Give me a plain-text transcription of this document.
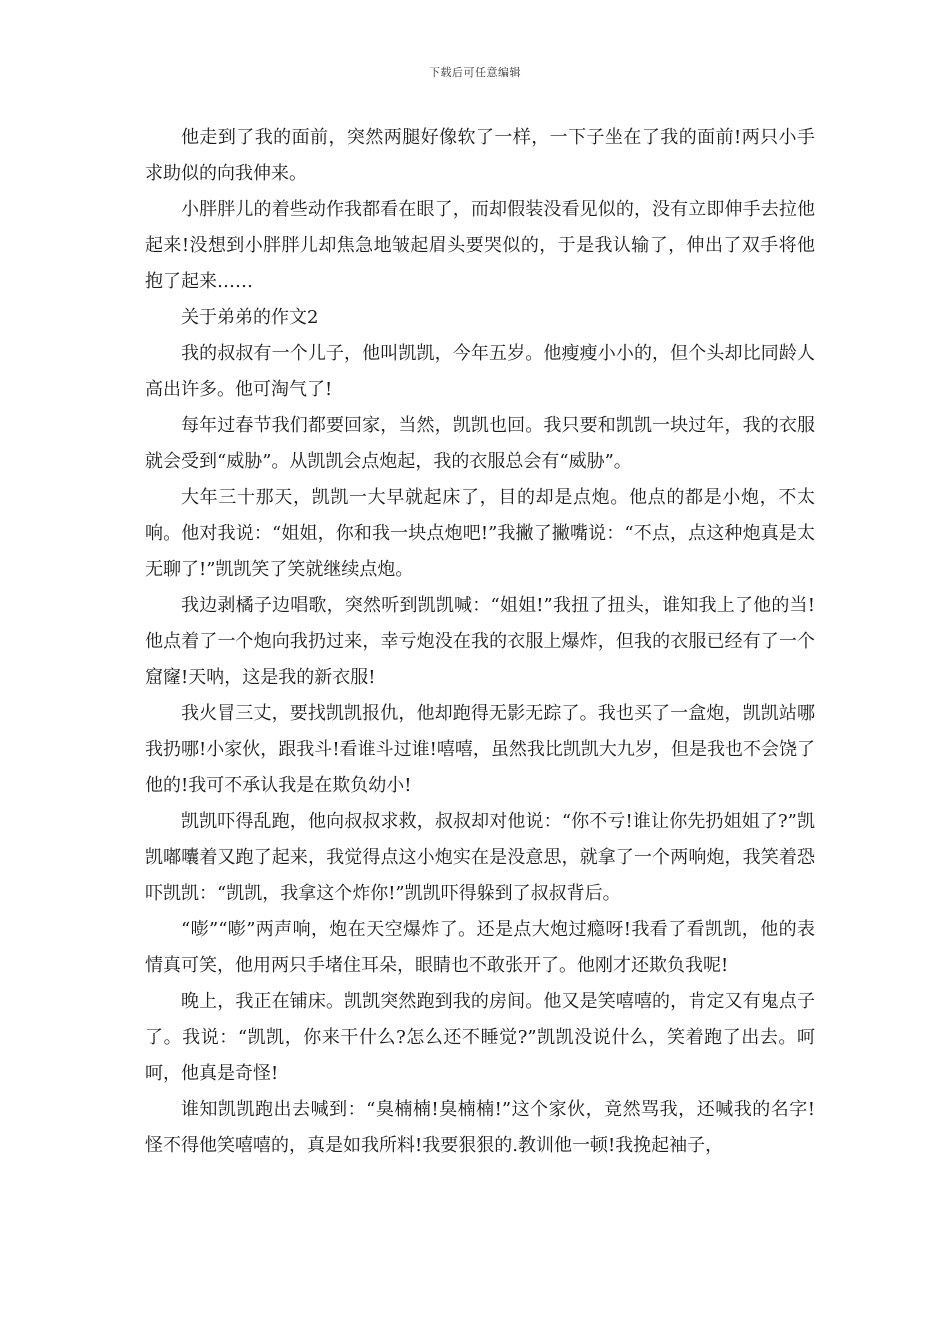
下载后可任意编辑

他走到了我的面前，突然两腿好像软了一样，一下子坐在了我的面前!两只小手求助似的向我伸来。

小胖胖儿的着些动作我都看在眼了，而却假装没看见似的，没有立即伸手去拉他起来!没想到小胖胖儿却焦急地皱起眉头要哭似的，于是我认输了，伸出了双手将他抱了起来……

关于弟弟的作文2

我的叔叔有一个儿子，他叫凯凯，今年五岁。他瘦瘦小小的，但个头却比同龄人高出许多。他可淘气了!

每年过春节我们都要回家，当然，凯凯也回。我只要和凯凯一块过年，我的衣服就会受到“威胁”。从凯凯会点炮起，我的衣服总会有“威胁”。

大年三十那天，凯凯一大早就起床了，目的却是点炮。他点的都是小炮，不太响。他对我说：“姐姐，你和我一块点炮吧!”我撇了撇嘴说：“不点，点这种炮真是太无聊了!”凯凯笑了笑就继续点炮。

我边剥橘子边唱歌，突然听到凯凯喊：“姐姐!”我扭了扭头，谁知我上了他的当!他点着了一个炮向我扔过来，幸亏炮没在我的衣服上爆炸，但我的衣服已经有了一个窟窿!天呐，这是我的新衣服!

我火冒三丈，要找凯凯报仇，他却跑得无影无踪了。我也买了一盒炮，凯凯站哪我扔哪!小家伙，跟我斗!看谁斗过谁!嘻嘻，虽然我比凯凯大九岁，但是我也不会饶了他的!我可不承认我是在欺负幼小!

凯凯吓得乱跑，他向叔叔求救，叔叔却对他说：“你不亏!谁让你先扔姐姐了?”凯凯嘟囔着又跑了起来，我觉得点这小炮实在是没意思，就拿了一个两响炮，我笑着恐吓凯凯：“凯凯，我拿这个炸你!”凯凯吓得躲到了叔叔背后。

“嘭”“嘭”两声响，炮在天空爆炸了。还是点大炮过瘾呀!我看了看凯凯，他的表情真可笑，他用两只手堵住耳朵，眼睛也不敢张开了。他刚才还欺负我呢!

晚上，我正在铺床。凯凯突然跑到我的房间。他又是笑嘻嘻的，肯定又有鬼点子了。我说：“凯凯，你来干什么?怎么还不睡觉?”凯凯没说什么，笑着跑了出去。呵呵，他真是奇怪!

谁知凯凯跑出去喊到：“臭楠楠!臭楠楠!”这个家伙，竟然骂我，还喊我的名字!怪不得他笑嘻嘻的，真是如我所料!我要狠狠的.教训他一顿!我挽起袖子，
